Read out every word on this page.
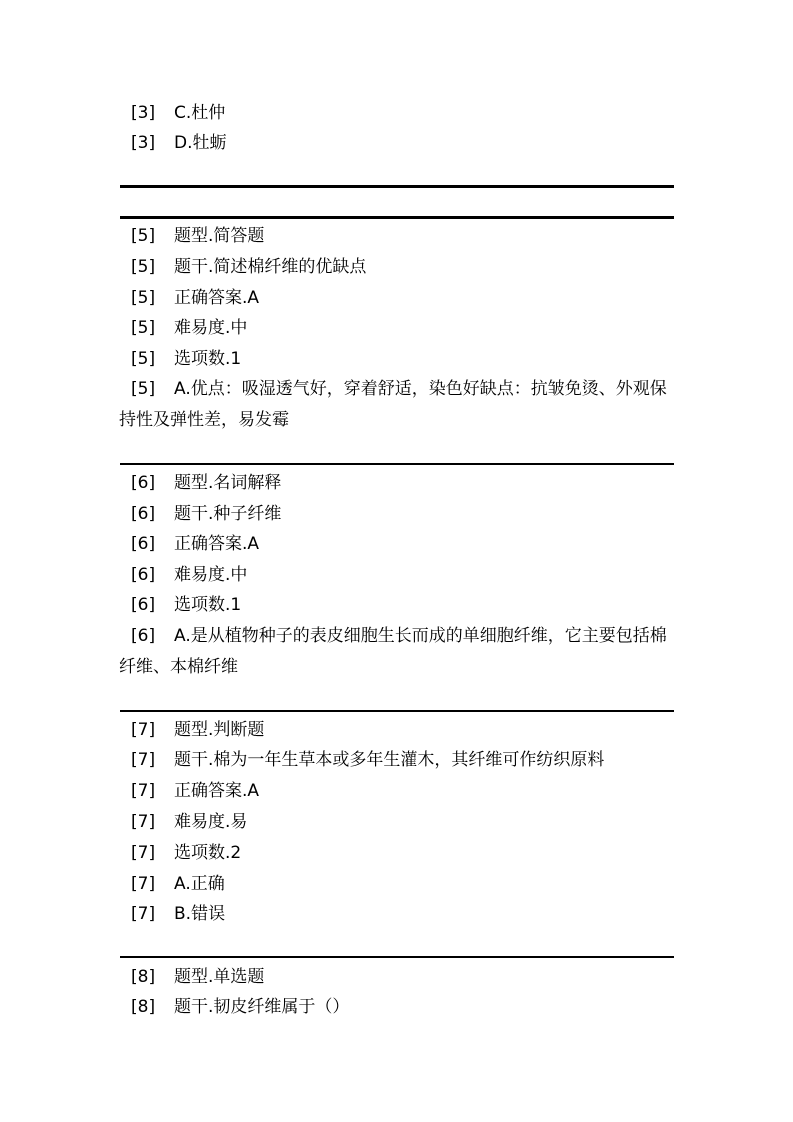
[3] C.杜仲
[3] D.牡蛎
[5] 题型.简答题
[5] 题干.简述棉纤维的优缺点
[5] 正确答案.A
[5] 难易度.中
[5] 选项数.1
[5] A.优点：吸湿透气好，穿着舒适，染色好缺点：抗皱免烫、外观保持性及弹性差，易发霉
[6] 题型.名词解释
[6] 题干.种子纤维
[6] 正确答案.A
[6] 难易度.中
[6] 选项数.1
[6] A.是从植物种子的表皮细胞生长而成的单细胞纤维，它主要包括棉纤维、本棉纤维
[7] 题型.判断题
[7] 题干.棉为一年生草本或多年生灌木，其纤维可作纺织原料
[7] 正确答案.A
[7] 难易度.易
[7] 选项数.2
[7] A.正确
[7] B.错误
[8] 题型.单选题
[8] 题干.韧皮纤维属于（）
